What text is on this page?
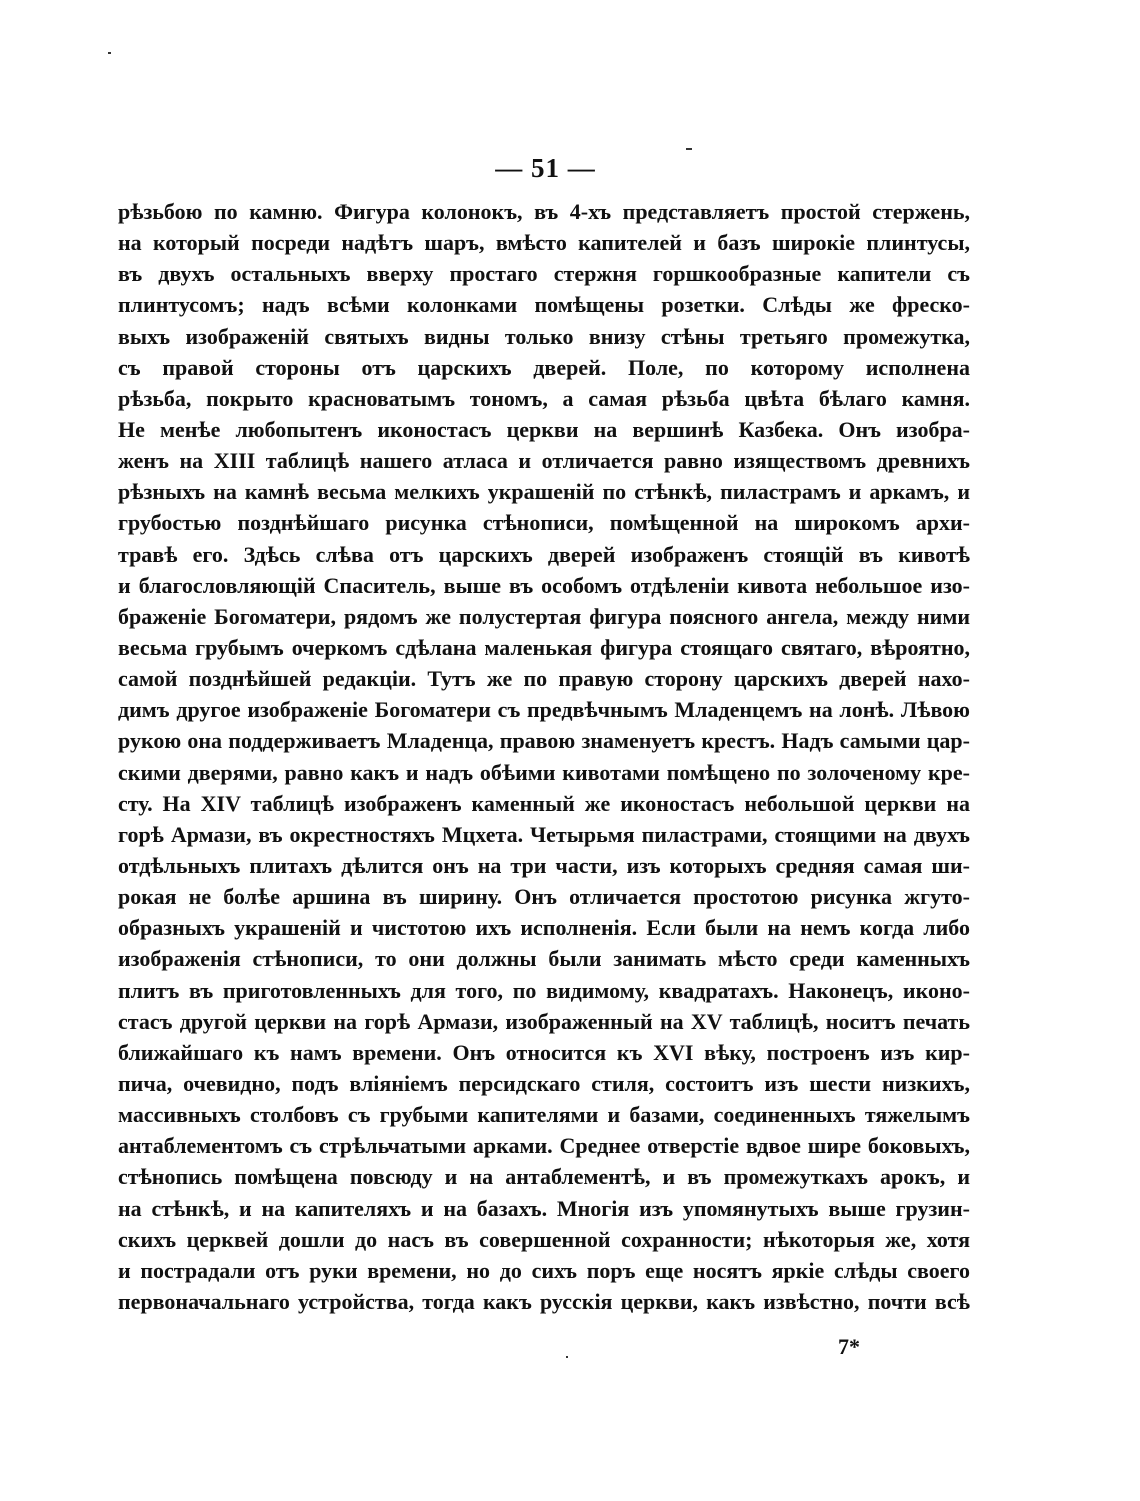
— 51 —
рѣзьбою по камню. Фигура колонокъ, въ 4-хъ представляетъ простой стержень,
на который посреди надѣтъ шаръ, вмѣсто капителей и базъ широкіе плинтусы,
въ двухъ остальныхъ вверху простаго стержня горшкообразные капители съ
плинтусомъ; надъ всѣми колонками помѣщены розетки. Слѣды же фреско-
выхъ изображеній святыхъ видны только внизу стѣны третьяго промежутка,
съ правой стороны отъ царскихъ дверей. Поле, по которому исполнена
рѣзьба, покрыто красноватымъ тономъ, а самая рѣзьба цвѣта бѣлаго камня.
Не менѣе любопытенъ иконостасъ церкви на вершинѣ Казбека. Онъ изобра-
женъ на XIII таблицѣ нашего атласа и отличается равно изяществомъ древнихъ
рѣзныхъ на камнѣ весьма мелкихъ украшеній по стѣнкѣ, пиластрамъ и аркамъ, и
грубостью позднѣйшаго рисунка стѣнописи, помѣщенной на широкомъ архи-
травѣ его. Здѣсь слѣва отъ царскихъ дверей изображенъ стоящій въ кивотѣ
и благословляющій Спаситель, выше въ особомъ отдѣленіи кивота небольшое изо-
браженіе Богоматери, рядомъ же полустертая фигура поясного ангела, между ними
весьма грубымъ очеркомъ сдѣлана маленькая фигура стоящаго святаго, вѣроятно,
самой позднѣйшей редакціи. Тутъ же по правую сторону царскихъ дверей нахо-
димъ другое изображеніе Богоматери съ предвѣчнымъ Младенцемъ на лонѣ. Лѣвою
рукою она поддерживаетъ Младенца, правою знаменуетъ крестъ. Надъ самыми цар-
скими дверями, равно какъ и надъ обѣими кивотами помѣщено по золоченому кре-
сту. На XIV таблицѣ изображенъ каменный же иконостасъ небольшой церкви на
горѣ Армази, въ окрестностяхъ Мцхета. Четырьмя пиластрами, стоящими на двухъ
отдѣльныхъ плитахъ дѣлится онъ на три части, изъ которыхъ средняя самая ши-
рокая не болѣе аршина въ ширину. Онъ отличается простотою рисунка жгуто-
образныхъ украшеній и чистотою ихъ исполненія. Если были на немъ когда либо
изображенія стѣнописи, то они должны были занимать мѣсто среди каменныхъ
плитъ въ приготовленныхъ для того, по видимому, квадратахъ. Наконецъ, иконо-
стасъ другой церкви на горѣ Армази, изображенный на XV таблицѣ, носитъ печать
ближайшаго къ намъ времени. Онъ относится къ XVI вѣку, построенъ изъ кир-
пича, очевидно, подъ вліяніемъ персидскаго стиля, состоитъ изъ шести низкихъ,
массивныхъ столбовъ съ грубыми капителями и базами, соединенныхъ тяжелымъ
антаблементомъ съ стрѣльчатыми арками. Среднее отверстіе вдвое шире боковыхъ,
стѣнопись помѣщена повсюду и на антаблементѣ, и въ промежуткахъ арокъ, и
на стѣнкѣ, и на капителяхъ и на базахъ. Многія изъ упомянутыхъ выше грузин-
скихъ церквей дошли до насъ въ совершенной сохранности; нѣкоторыя же, хотя
и пострадали отъ руки времени, но до сихъ поръ еще носятъ яркіе слѣды своего
первоначальнаго устройства, тогда какъ русскія церкви, какъ извѣстно, почти всѣ
7*
